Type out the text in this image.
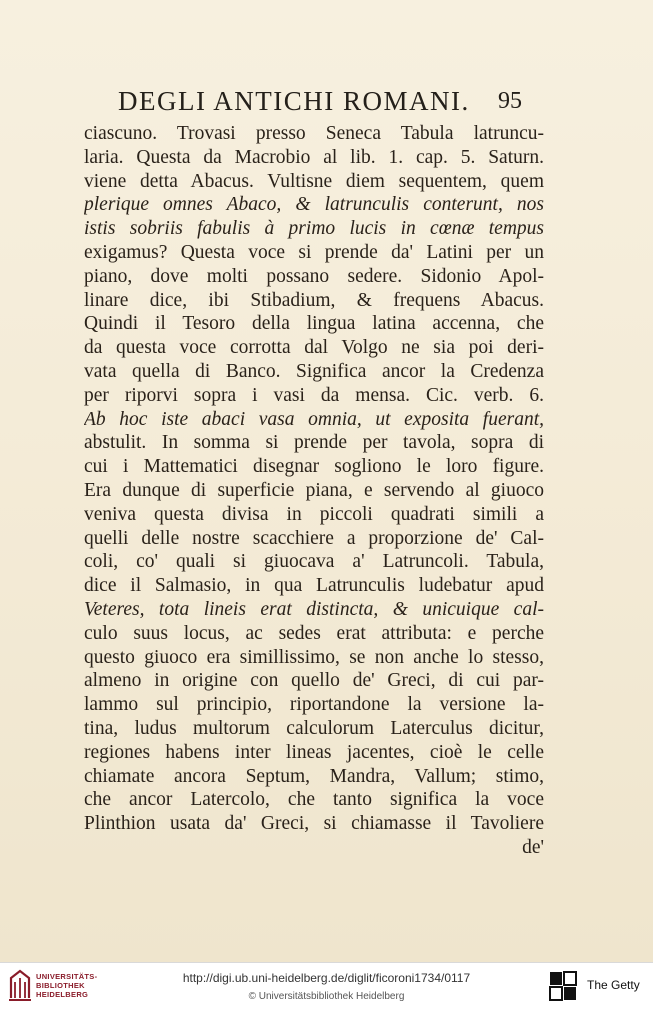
DEGLI ANTICHI ROMANI. 95
ciascuno. Trovasi presso Seneca Tabula latruncu-
laria. Questa da Macrobio al lib. 1. cap. 5. Saturn.
viene detta Abacus. Vultisne diem sequentem, quem
plerique omnes Abaco, & latrunculis conterunt, nos
istis sobriis fabulis à primo lucis in cœnæ tempus
exigamus? Questa voce si prende da' Latini per un
piano, dove molti possano sedere. Sidonio Apol-
linare dice, ibi Stibadium, & frequens Abacus.
Quindi il Tesoro della lingua latina accenna, che
da questa voce corrotta dal Volgo ne sia poi deri-
vata quella di Banco. Significa ancor la Credenza
per riporvi sopra i vasi da mensa. Cic. verb. 6.
Ab hoc iste abaci vasa omnia, ut exposita fuerant,
abstulit. In somma si prende per tavola, sopra di
cui i Mattematici disegnar sogliono le loro figure.
Era dunque di superficie piana, e servendo al giuoco
veniva questa divisa in piccoli quadrati simili a
quelli delle nostre scacchiere a proporzione de' Cal-
coli, co' quali si giuocava a' Latruncoli. Tabula,
dice il Salmasio, in qua Latrunculis ludebatur apud
Veteres, tota lineis erat distincta, & unicuique cal-
culo suus locus, ac sedes erat attributa: e perche
questo giuoco era simillissimo, se non anche lo stesso,
almeno in origine con quello de' Greci, di cui par-
lammo sul principio, riportandone la versione la-
tina, ludus multorum calculorum Laterculus dicitur,
regiones habens inter lineas jacentes, cioè le celle
chiamate ancora Septum, Mandra, Vallum; stimo,
che ancor Latercolo, che tanto significa la voce
Plinthion usata da' Greci, si chiamasse il Tavoliere
de'
UNIVERSITÄTS-
BIBLIOTHEK
HEIDELBERG
http://digi.ub.uni-heidelberg.de/diglit/ficoroni1734/0117
© Universitätsbibliothek Heidelberg
The Getty
